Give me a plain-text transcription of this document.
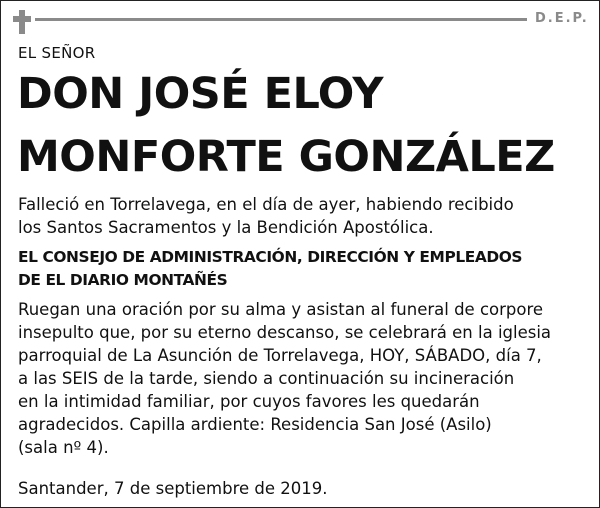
D.E.P.
EL SEÑOR
DON JOSÉ ELOY
MONFORTE GONZÁLEZ
Falleció en Torrelavega, en el día de ayer, habiendo recibido
los Santos Sacramentos y la Bendición Apostólica.
EL CONSEJO DE ADMINISTRACIÓN, DIRECCIÓN Y EMPLEADOS
DE EL DIARIO MONTAÑÉS
Ruegan una oración por su alma y asistan al funeral de corpore
insepulto que, por su eterno descanso, se celebrará en la iglesia
parroquial de La Asunción de Torrelavega, HOY, SÁBADO, día 7,
a las SEIS de la tarde, siendo a continuación su incineración
en la intimidad familiar, por cuyos favores les quedarán
agradecidos. Capilla ardiente: Residencia San José (Asilo)
(sala nº 4).
Santander, 7 de septiembre de 2019.
